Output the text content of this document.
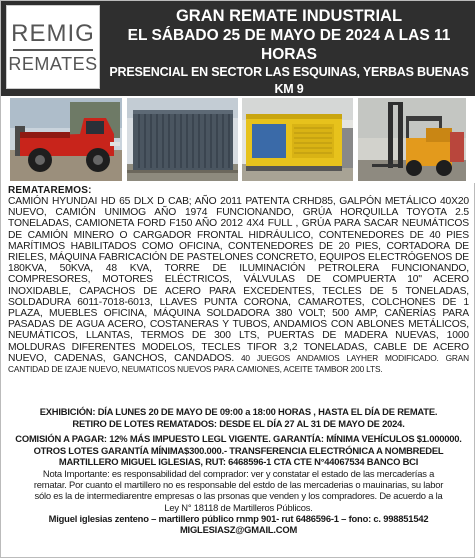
REMIG
REMATES
GRAN REMATE INDUSTRIAL
EL SÁBADO 25 DE MAYO DE 2024 A LAS 11 HORAS
PRESENCIAL EN SECTOR LAS ESQUINAS, YERBAS BUENAS KM 9
REMATAREMOS:
CAMIÓN HYUNDAI HD 65 DLX D CAB; AÑO 2011 PATENTA CRHD85, GALPÓN METÁLICO 40X20 NUEVO, CAMIÓN UNIMOG AÑO 1974 FUNCIONANDO, GRÚA HORQUILLA TOYOTA 2.5 TONELADAS, CAMIONETA FORD F150 AÑO 2012 4X4 FULL , GRÚA PARA SACAR NEUMÁTICOS DE CAMIÓN MINERO O CARGADOR FRONTAL HIDRÁULICO, CONTENEDORES DE 40 PIES MARÍTIMOS HABILITADOS COMO OFICINA, CONTENEDORES DE 20 PIES, CORTADORA DE RIELES, MÁQUINA FABRICACIÓN DE PASTELONES CONCRETO, EQUIPOS ELECTRÓGENOS DE 180KVA, 50KVA, 48 KVA, TORRE DE ILUMINACIÓN PETROLERA FUNCIONANDO, COMPRESORES, MOTORES ELÉCTRICOS, VÁLVULAS DE COMPUERTA 10" ACERO INOXIDABLE, CAPACHOS DE ACERO PARA EXCEDENTES, TECLES DE 5 TONELADAS, SOLDADURA 6011-7018-6013, LLAVES PUNTA CORONA, CAMAROTES, COLCHONES DE 1 PLAZA, MUEBLES OFICINA, MÁQUINA SOLDADORA 380 VOLT; 500 AMP, CAÑERÍAS PARA PASADAS DE AGUA ACERO, COSTANERAS Y TUBOS, ANDAMIOS CON ABLONES METÁLICOS, NEUMÁTICOS, LLANTAS, TERMOS DE 300 LTS, PUERTAS DE MADERA NUEVAS, 1000 MOLDURAS DIFERENTES MODELOS, TECLES TIFOR 3,2 TONELADAS, CABLE DE ACERO NUEVO, CADENAS, GANCHOS, CANDADOS. 40 JUEGOS ANDAMIOS LAYHER MODIFICADO. GRAN CANTIDAD DE IZAJE NUEVO, NEUMATICOS NUEVOS PARA CAMIONES, ACEITE TAMBOR 200 LTS.
EXHIBICIÓN: DÍA LUNES 20 DE MAYO DE 09:00 a 18:00 HORAS , HASTA EL DÍA DE REMATE.
RETIRO DE LOTES REMATADOS: DESDE EL DÍA 27 AL 31 DE MAYO DE 2024.
COMISIÓN A PAGAR: 12% MÁS IMPUESTO LEGL VIGENTE. GARANTÍA: MÍNIMA VEHÍCULOS $1.000000.
OTROS LOTES GARANTÍA MÍNIMA$300.000.- TRANSFERENCIA ELECTRÓNICA A NOMBREDEL
MARTILLERO MIGUEL IGLESIAS, RUT: 6468596-1 CTA CTE N°44067534 BANCO BCI
Nota Importante: es responsabilidad del comprador: ver y constatar el estado de las mercaderías a
rematar. Por cuanto el martillero no es responsable del estdo de las mercaderias o mauinarias, su labor
sólo es la de intermediarentre empresas o las prsonas que venden y los compradores. De acuerdo a la
Ley N° 18118 de Martilleros Públicos.
Miguel iglesias zenteno – martillero público rnmp 901- rut 6486596-1 – fono: c. 998851542
MIGLESIASZ@GMAIL.COM
